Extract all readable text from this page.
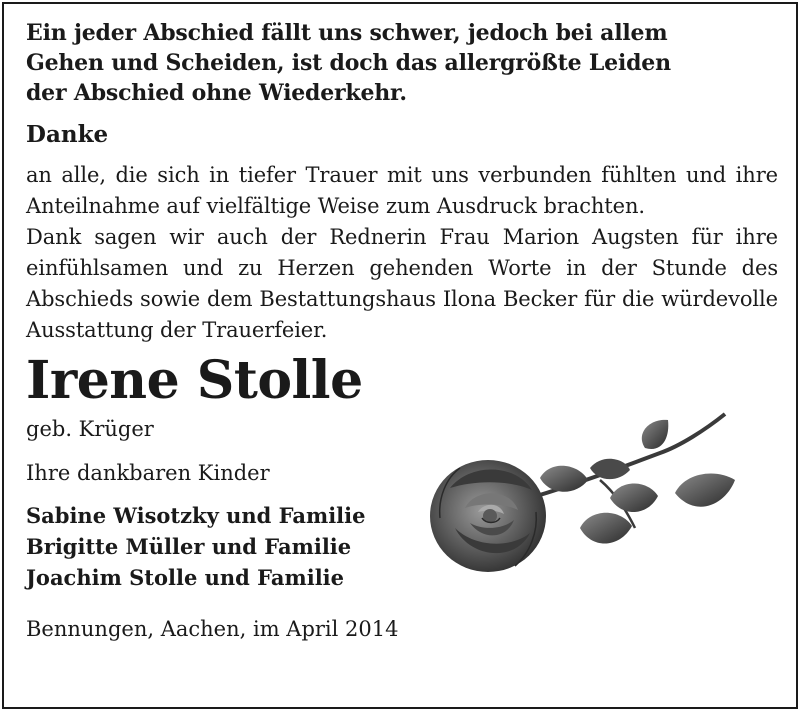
Ein jeder Abschied fällt uns schwer, jedoch bei allem
Gehen und Scheiden, ist doch das allergrößte Leiden
der Abschied ohne Wiederkehr.

Danke

an alle, die sich in tiefer Trauer mit uns verbunden fühlten und ihre Anteilnahme auf vielfältige Weise zum Ausdruck brachten.

Dank sagen wir auch der Rednerin Frau Marion Augsten für ihre einfühlsamen und zu Herzen gehenden Worte in der Stunde des Abschieds sowie dem Bestattungshaus Ilona Becker für die würdevolle Ausstattung der Trauerfeier.

Irene Stolle

geb. Krüger

Ihre dankbaren Kinder

Sabine Wisotzky und Familie
Brigitte Müller und Familie
Joachim Stolle und Familie

Bennungen, Aachen, im April 2014
